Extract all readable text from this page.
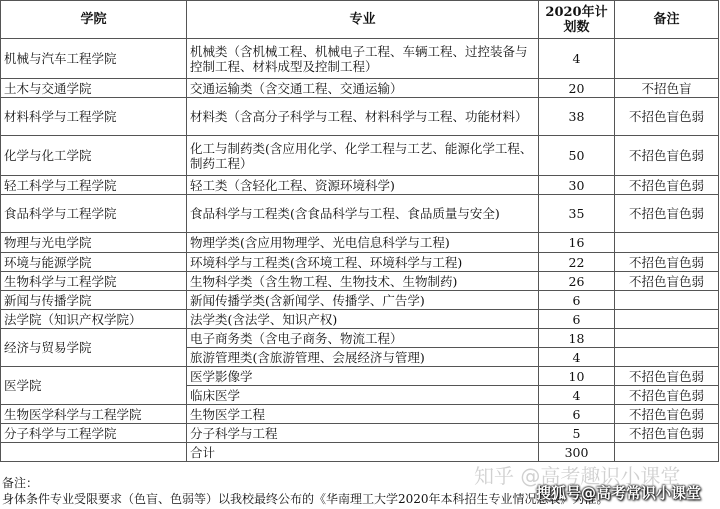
学院	专业	2020年计划数	备注
机械与汽车工程学院	机械类（含机械工程、机械电子工程、车辆工程、过控装备与控制工程、材料成型及控制工程）	4	
土木与交通学院	交通运输类（含交通工程、交通运输）	20	不招色盲
材料科学与工程学院	材料类（含高分子科学与工程、材料科学与工程、功能材料）	38	不招色盲色弱
化学与化工学院	化工与制药类(含应用化学、化学工程与工艺、能源化学工程、制药工程）	50	不招色盲色弱
轻工科学与工程学院	轻工类（含轻化工程、资源环境科学)	30	不招色盲色弱
食品科学与工程学院	食品科学与工程类(含食品科学与工程、食品质量与安全)	35	不招色盲色弱
物理与光电学院	物理学类(含应用物理学、光电信息科学与工程)	16	
环境与能源学院	环境科学与工程类(含环境工程、环境科学与工程)	22	不招色盲色弱
生物科学与工程学院	生物科学类（含生物工程、生物技术、生物制药)	26	不招色盲色弱
新闻与传播学院	新闻传播学类(含新闻学、传播学、广告学)	6	
法学院（知识产权学院）	法学类(含法学、知识产权)	6	
经济与贸易学院	电子商务类（含电子商务、物流工程）	18	
	旅游管理类(含旅游管理、会展经济与管理)	4	
医学院	医学影像学	10	不招色盲色弱
	临床医学	4	不招色盲色弱
生物医学科学与工程学院	生物医学工程	6	不招色盲色弱
分子科学与工程学院	分子科学与工程	5	不招色盲色弱
	合计	300	
备注：
身体条件专业受限要求（色盲、色弱等）以我校最终公布的《华南理工大学2020年本科招生专业情况总表》为准。
知乎 @高考趣识小课堂
搜狐号@高考常识小课堂
